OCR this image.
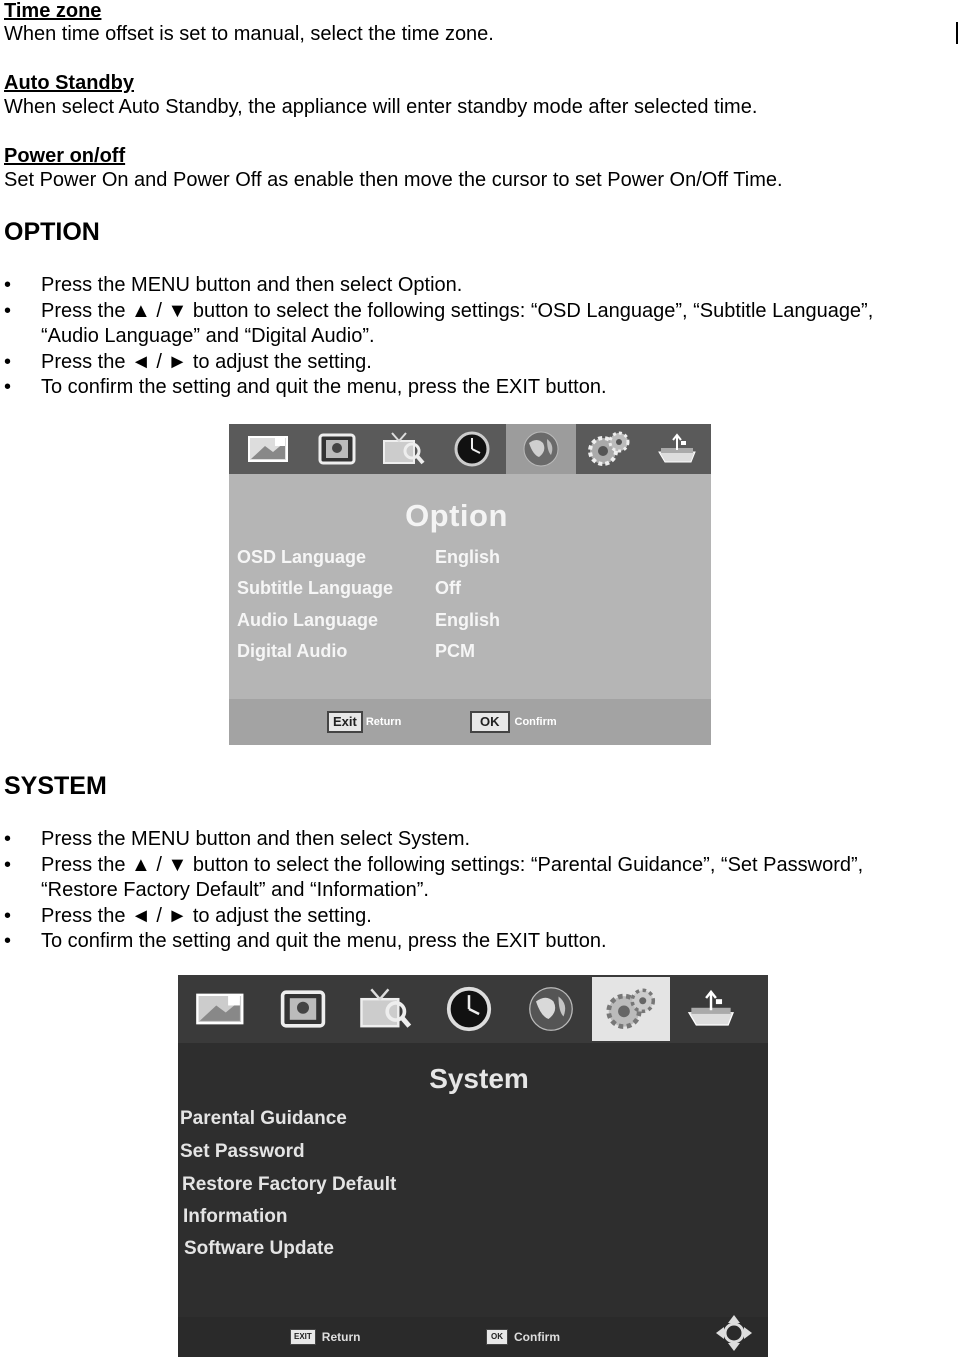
Time zone
When time offset is set to manual, select the time zone.
Auto Standby
When select Auto Standby, the appliance will enter standby mode after selected time.
Power on/off
Set Power On and Power Off as enable then move the cursor to set Power On/Off Time.
OPTION
• Press the MENU button and then select Option.
• Press the ▲ / ▼ button to select the following settings: “OSD Language”, “Subtitle Language”, “Audio Language” and “Digital Audio”.
• Press the ◄ / ► to adjust the setting.
• To confirm the setting and quit the menu, press the EXIT button.
Option
OSD Language	English
Subtitle Language Off
Audio Language	English
Digital Audio	PCM
Exit Return	OK	Confirm
SYSTEM
• Press the MENU button and then select System.
• Press the ▲ / ▼ button to select the following settings: “Parental Guidance”, “Set Password”, “Restore Factory Default” and “Information”.
• Press the ◄ / ► to adjust the setting.
• To confirm the setting and quit the menu, press the EXIT button.
System
Parental Guidance
Set Password
Restore Factory Default
Information
Software Update
EXIT Return	OK Confirm
